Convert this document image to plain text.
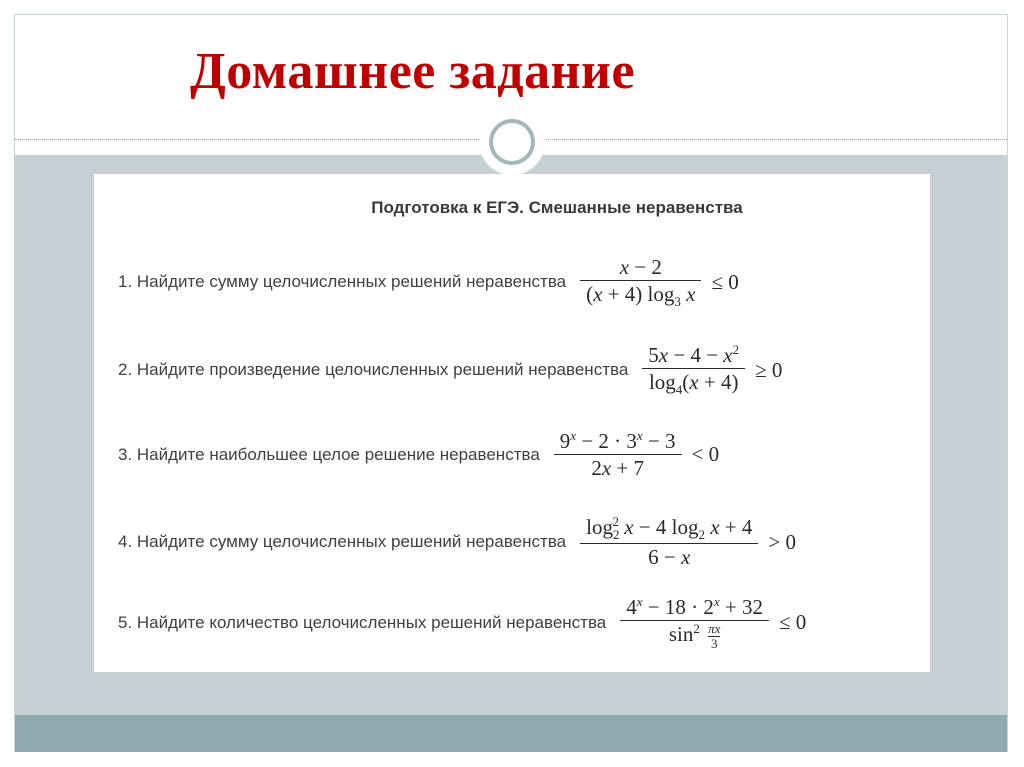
Домашнее задание
Подготовка к ЕГЭ. Смешанные неравенства
1. Найдите сумму целочисленных решений неравенства $\frac{x - 2}{(x + 4) \log_3 x} \le 0$
2. Найдите произведение целочисленных решений неравенства $\frac{5x - 4 - x^2}{\log_4(x + 4)} \ge 0$
3. Найдите наибольшее целое решение неравенства $\frac{9^x - 2 \cdot 3^x - 3}{2x + 7} < 0$
4. Найдите сумму целочисленных решений неравенства $\frac{\log_2^2 x - 4 \log_2 x + 4}{6 - x} > 0$
5. Найдите количество целочисленных решений неравенства $\frac{4^x - 18 \cdot 2^x + 32}{\sin^2 \frac{\pi x}{3}} \le 0$
